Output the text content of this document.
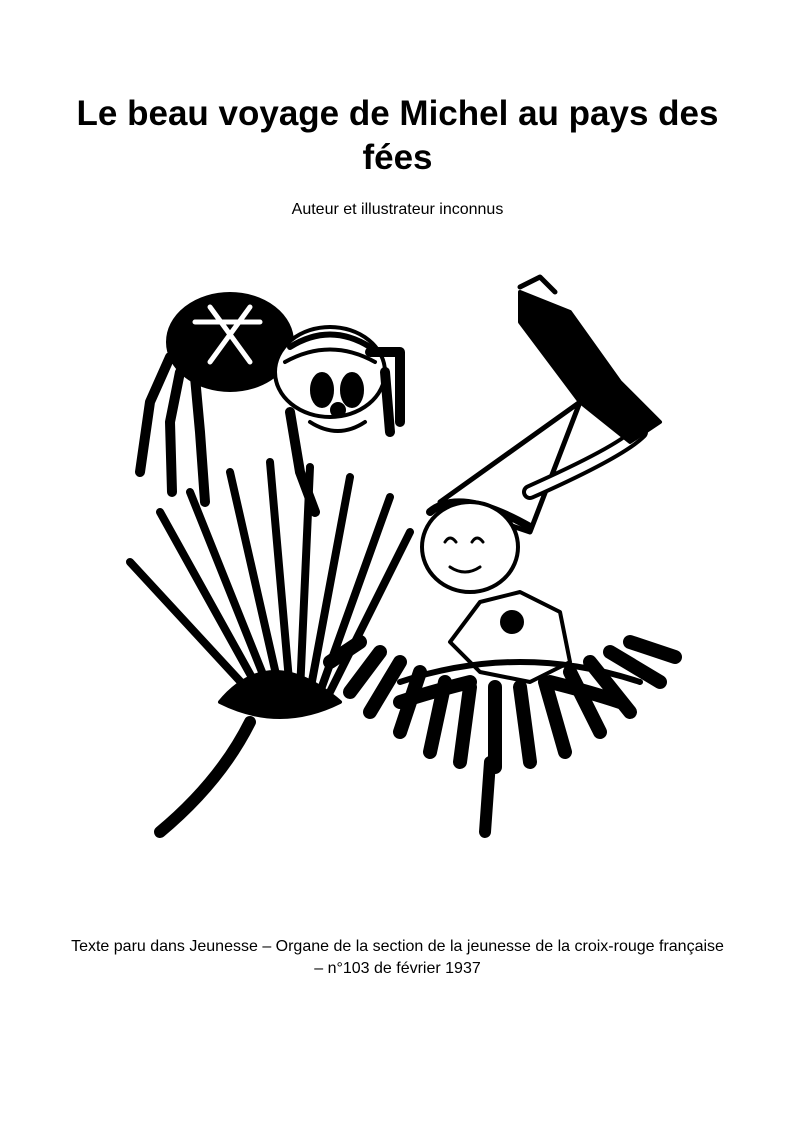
Le beau voyage de Michel au pays des fées
Auteur et illustrateur inconnus
Texte paru dans Jeunesse – Organe de la section de la jeunesse de la croix-rouge française – n°103 de février 1937
